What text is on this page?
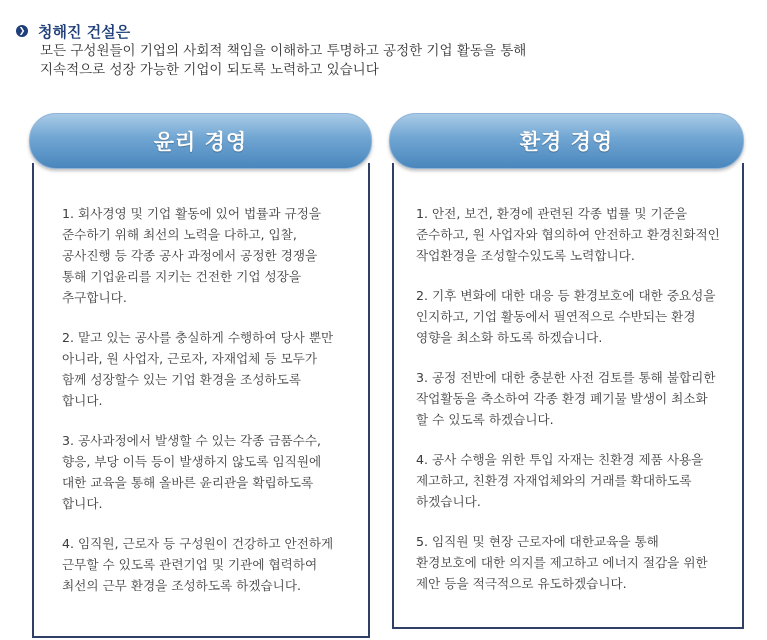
❯ 청해진 건설은
모든 구성원들이 기업의 사회적 책임을 이해하고 투명하고 공정한 기업 활동을 통해
지속적으로 성장 가능한 기업이 되도록 노력하고 있습니다
윤리 경영
1. 회사경영 및 기업 활동에 있어 법률과 규정을 준수하기 위해 최선의 노력을 다하고, 입찰, 공사진행 등 각종 공사 과정에서 공정한 경쟁을 통해 기업윤리를 지키는 건전한 기업 성장을 추구합니다.
2. 맡고 있는 공사를 충실하게 수행하여 당사 뿐만 아니라, 원 사업자, 근로자, 자재업체 등 모두가 함께 성장할수 있는 기업 환경을 조성하도록 합니다.
3. 공사과정에서 발생할 수 있는 각종 금품수수, 향응, 부당 이득 등이 발생하지 않도록 임직원에 대한 교육을 통해 올바른 윤리관을 확립하도록 합니다.
4. 임직원, 근로자 등 구성원이 건강하고 안전하게 근무할 수 있도록 관련기업 및 기관에 협력하여 최선의 근무 환경을 조성하도록 하겠습니다.
환경 경영
1. 안전, 보건, 환경에 관련된 각종 법률 및 기준을 준수하고, 원 사업자와 협의하여 안전하고 환경친화적인 작업환경을 조성할수있도록 노력합니다.
2. 기후 변화에 대한 대응 등 환경보호에 대한 중요성을 인지하고, 기업 활동에서 필연적으로 수반되는 환경 영향을 최소화 하도록 하겠습니다.
3. 공정 전반에 대한 충분한 사전 검토를 통해 불합리한 작업활동을 축소하여 각종 환경 폐기물 발생이 최소화 할 수 있도록 하겠습니다.
4. 공사 수행을 위한 투입 자재는 친환경 제품 사용을 제고하고, 친환경 자재업체와의 거래를 확대하도록 하겠습니다.
5. 임직원 및 현장 근로자에 대한교육을 통해 환경보호에 대한 의지를 제고하고 에너지 절감을 위한 제안 등을 적극적으로 유도하겠습니다.
